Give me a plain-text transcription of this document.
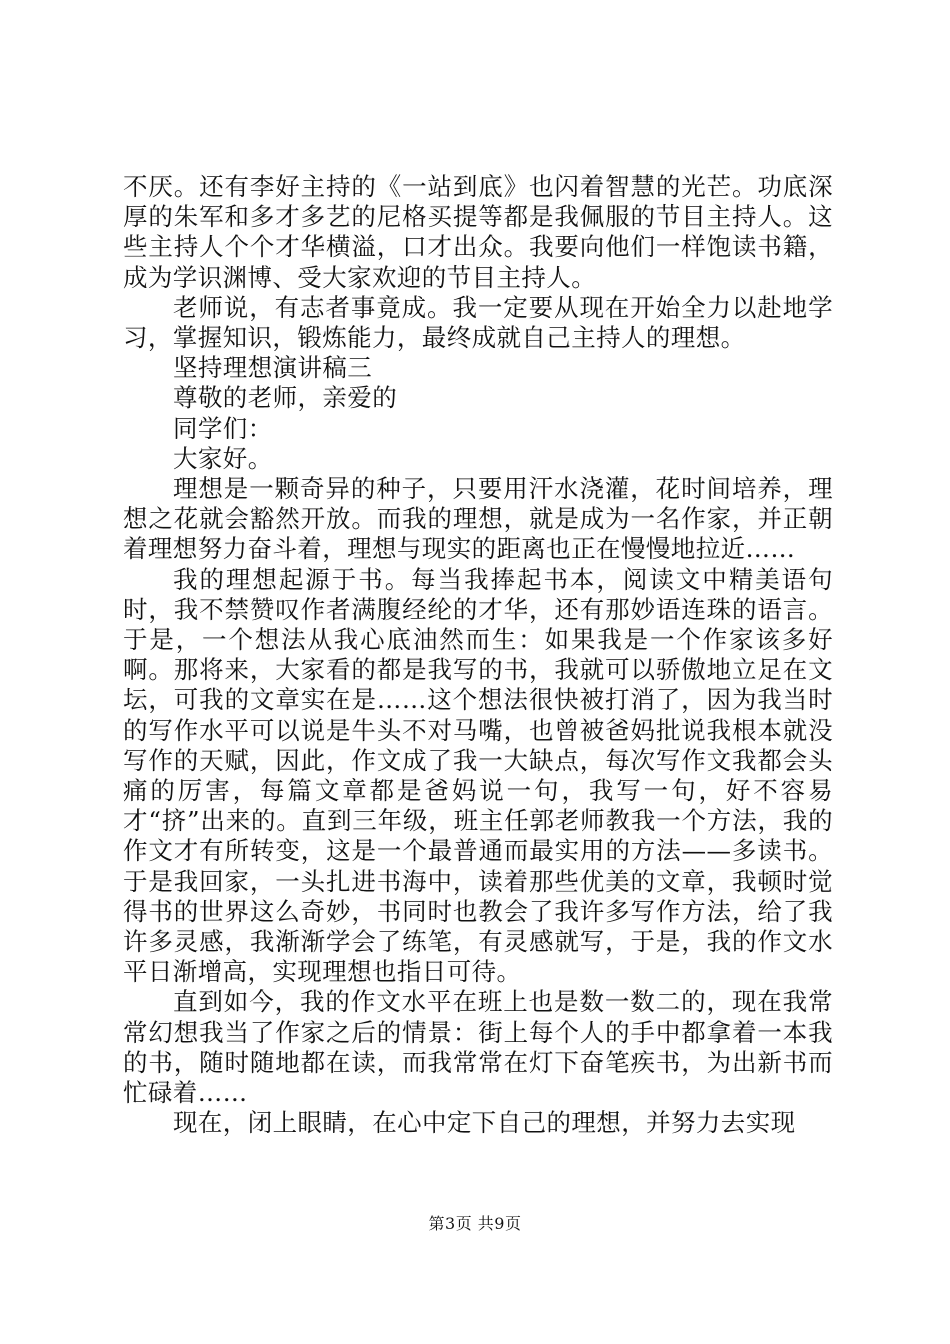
不厌。还有李好主持的《一站到底》也闪着智慧的光芒。功底深厚的朱军和多才多艺的尼格买提等都是我佩服的节目主持人。这些主持人个个才华横溢，口才出众。我要向他们一样饱读书籍，成为学识渊博、受大家欢迎的节目主持人。

老师说，有志者事竟成。我一定要从现在开始全力以赴地学习，掌握知识，锻炼能力，最终成就自己主持人的理想。

坚持理想演讲稿三

尊敬的老师，亲爱的

同学们：

大家好。

理想是一颗奇异的种子，只要用汗水浇灌，花时间培养，理想之花就会豁然开放。而我的理想，就是成为一名作家，并正朝着理想努力奋斗着，理想与现实的距离也正在慢慢地拉近……

我的理想起源于书。每当我捧起书本，阅读文中精美语句时，我不禁赞叹作者满腹经纶的才华，还有那妙语连珠的语言。于是，一个想法从我心底油然而生：如果我是一个作家该多好啊。那将来，大家看的都是我写的书，我就可以骄傲地立足在文坛，可我的文章实在是……这个想法很快被打消了，因为我当时的写作水平可以说是牛头不对马嘴，也曾被爸妈批说我根本就没写作的天赋，因此，作文成了我一大缺点，每次写作文我都会头痛的厉害，每篇文章都是爸妈说一句，我写一句，好不容易才“挤”出来的。直到三年级，班主任郭老师教我一个方法，我的作文才有所转变，这是一个最普通而最实用的方法——多读书。于是我回家，一头扎进书海中，读着那些优美的文章，我顿时觉得书的世界这么奇妙，书同时也教会了我许多写作方法，给了我许多灵感，我渐渐学会了练笔，有灵感就写，于是，我的作文水平日渐增高，实现理想也指日可待。

直到如今，我的作文水平在班上也是数一数二的，现在我常常幻想我当了作家之后的情景：街上每个人的手中都拿着一本我的书，随时随地都在读，而我常常在灯下奋笔疾书，为出新书而忙碌着……

现在，闭上眼睛，在心中定下自己的理想，并努力去实现

第3页 共9页
